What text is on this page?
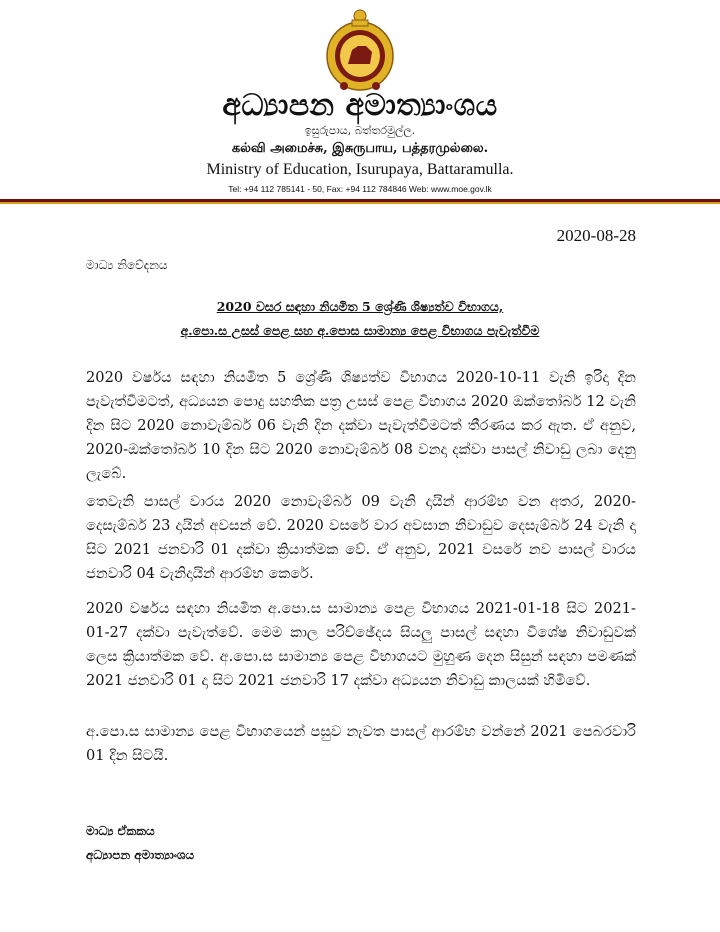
අධ්‍යාපන අමාත්‍යාංශය
ඉසුරුපාය, බත්තරමුල්ල.
கல்வி அமைச்சு, இசுருபாய, பத்தரமுல்லை.
Ministry of Education, Isurupaya, Battaramulla.
Tel: +94 112 785141 - 50, Fax: +94 112 784846 Web: www.moe.gov.lk
2020-08-28
මාධ්‍ය නිවේදනය
2020 වසර සඳහා නියමිත 5 ශ්‍රේණි ශිෂ්‍යත්ව විභාගය,
අ.පො.ස උසස් පෙළ සහ අ.පොස සාමාන්‍ය පෙළ විභාගය පැවැත්වීම

2020 වර්ෂය සඳහා නියමිත 5 ශ්‍රේණි ශිෂ්‍යත්ව විභාගය 2020-10-11 වැනි ඉරිදා දින පැවැත්වීමටත්, අධ්‍යයන පොදු සහතික පත්‍ර උසස් පෙළ විභාගය 2020 ඔක්තෝබර් 12 වැනි දින සිට 2020 නොවැම්බර් 06 වැනි දින දක්වා පැවැත්වීමටත් තීරණය කර ඇත. ඒ අනුව, 2020-ඔක්තෝබර් 10 දින සිට 2020 නොවැම්බර් 08 වනදා දක්වා පාසල් නිවාඩු ලබා දෙනු ලැබේ.

තෙවැනි පාසල් වාරය 2020 නොවැම්බර් 09 වැනි දායින් ආරම්භ වන අතර, 2020-දෙසැම්බර් 23 දායින් අවසන් වේ. 2020 වසරේ වාර අවසාන නිවාඩුව දෙසැම්බර් 24 වැනි දා සිට 2021 ජනවාරි 01 දක්වා ක්‍රියාත්මක වේ. ඒ අනුව, 2021 වසරේ නව පාසල් වාරය ජනවාරි 04 වැනිදායින් ආරම්භ කෙරේ.

2020 වර්ෂය සඳහා නියමිත අ.පො.ස සාමාන්‍ය පෙළ විභාගය 2021-01-18 සිට 2021-01-27 දක්වා පැවැත්වේ. මෙම කාල පරිච්ඡේදය සියලු පාසල් සඳහා විශේෂ නිවාඩුවක් ලෙස ක්‍රියාත්මක වේ. අ.පො.ස සාමාන්‍ය පෙළ විභාගයට මුහුණ දෙන සිසුන් සඳහා පමණක් 2021 ජනවාරි 01 දා සිට 2021 ජනවාරි 17 දක්වා අධ්‍යයන නිවාඩු කාලයක් හිමිවේ.

අ.පො.ස සාමාන්‍ය පෙළ විභාගයෙන් පසුව නැවත පාසල් ආරම්භ වන්නේ 2021 පෙබරවාරි 01 දින සිටයි.

මාධ්‍ය ඒකකය
අධ්‍යාපන අමාත්‍යාංශය
